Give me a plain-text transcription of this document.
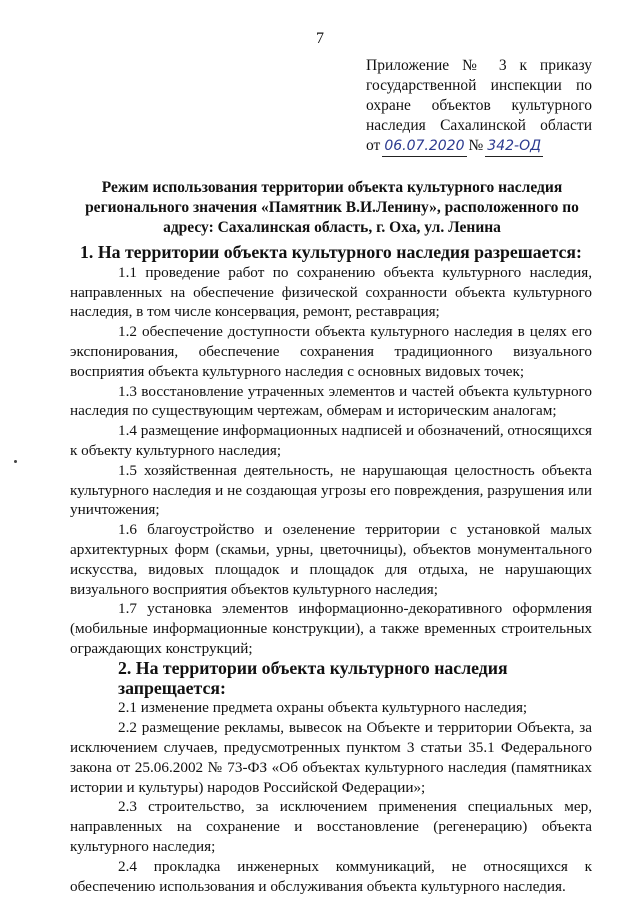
7
Приложение № 3 к приказу
государственной инспекции по
охране объектов культурного
наследия Сахалинской области
от 06.07.2020 № 342-ОД
Режим использования территории объекта культурного наследия регионального значения «Памятник В.И.Ленину», расположенного по адресу: Сахалинская область, г. Оха, ул. Ленина
1. На территории объекта культурного наследия разрешается:

1.1 проведение работ по сохранению объекта культурного наследия, направленных на обеспечение физической сохранности объекта культурного наследия, в том числе консервация, ремонт, реставрация;

1.2 обеспечение доступности объекта культурного наследия в целях его экспонирования, обеспечение сохранения традиционного визуального восприятия объекта культурного наследия с основных видовых точек;

1.3 восстановление утраченных элементов и частей объекта культурного наследия по существующим чертежам, обмерам и историческим аналогам;

1.4 размещение информационных надписей и обозначений, относящихся к объекту культурного наследия;

1.5 хозяйственная деятельность, не нарушающая целостность объекта культурного наследия и не создающая угрозы его повреждения, разрушения или уничтожения;

1.6 благоустройство и озеленение территории с установкой малых архитектурных форм (скамьи, урны, цветочницы), объектов монументального искусства, видовых площадок и площадок для отдыха, не нарушающих визуального восприятия объектов культурного наследия;

1.7 установка элементов информационно-декоративного оформления (мобильные информационные конструкции), а также временных строительных ограждающих конструкций;

2. На территории объекта культурного наследия запрещается:

2.1 изменение предмета охраны объекта культурного наследия;

2.2 размещение рекламы, вывесок на Объекте и территории Объекта, за исключением случаев, предусмотренных пунктом 3 статьи 35.1 Федерального закона от 25.06.2002 № 73-ФЗ «Об объектах культурного наследия (памятниках истории и культуры) народов Российской Федерации»;

2.3 строительство, за исключением применения специальных мер, направленных на сохранение и восстановление (регенерацию) объекта культурного наследия;

2.4 прокладка инженерных коммуникаций, не относящихся к обеспечению использования и обслуживания объекта культурного наследия.
